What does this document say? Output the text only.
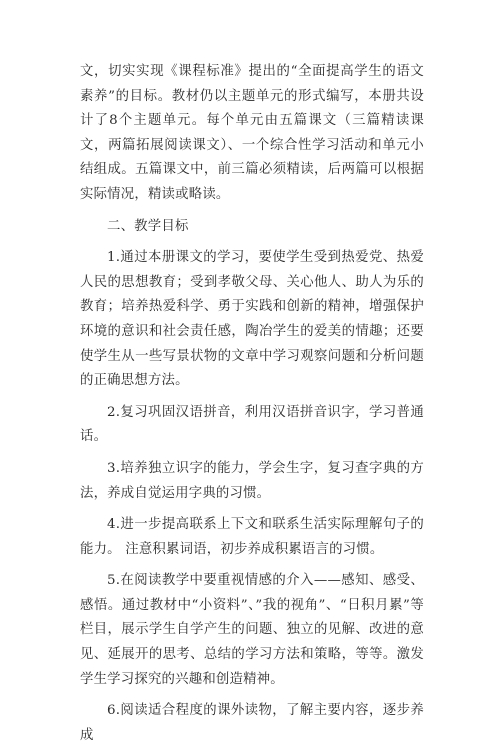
文，切实实现《课程标准》提出的“全面提高学生的语文素养”的目标。教材仍以主题单元的形式编写，本册共设计了8个主题单元。每个单元由五篇课文（三篇精读课文，两篇拓展阅读课文）、一个综合性学习活动和单元小结组成。五篇课文中，前三篇必须精读，后两篇可以根据实际情况，精读或略读。

二、教学目标

1.通过本册课文的学习，要使学生受到热爱党、热爱人民的思想教育；受到孝敬父母、关心他人、助人为乐的教育；培养热爱科学、勇于实践和创新的精神，增强保护环境的意识和社会责任感，陶冶学生的爱美的情趣；还要使学生从一些写景状物的文章中学习观察问题和分析问题的正确思想方法。

2.复习巩固汉语拼音，利用汉语拼音识字，学习普通话。

3.培养独立识字的能力，学会生字，复习查字典的方法，养成自觉运用字典的习惯。

4.进一步提高联系上下文和联系生活实际理解句子的能力。 注意积累词语，初步养成积累语言的习惯。

5.在阅读教学中要重视情感的介入——感知、感受、感悟。通过教材中“小资料”、”我的视角”、“日积月累”等栏目，展示学生自学产生的问题、独立的见解、改进的意见、延展开的思考、总结的学习方法和策略，等等。激发学生学习探究的兴趣和创造精神。

6.阅读适合程度的课外读物，了解主要内容，逐步养成
